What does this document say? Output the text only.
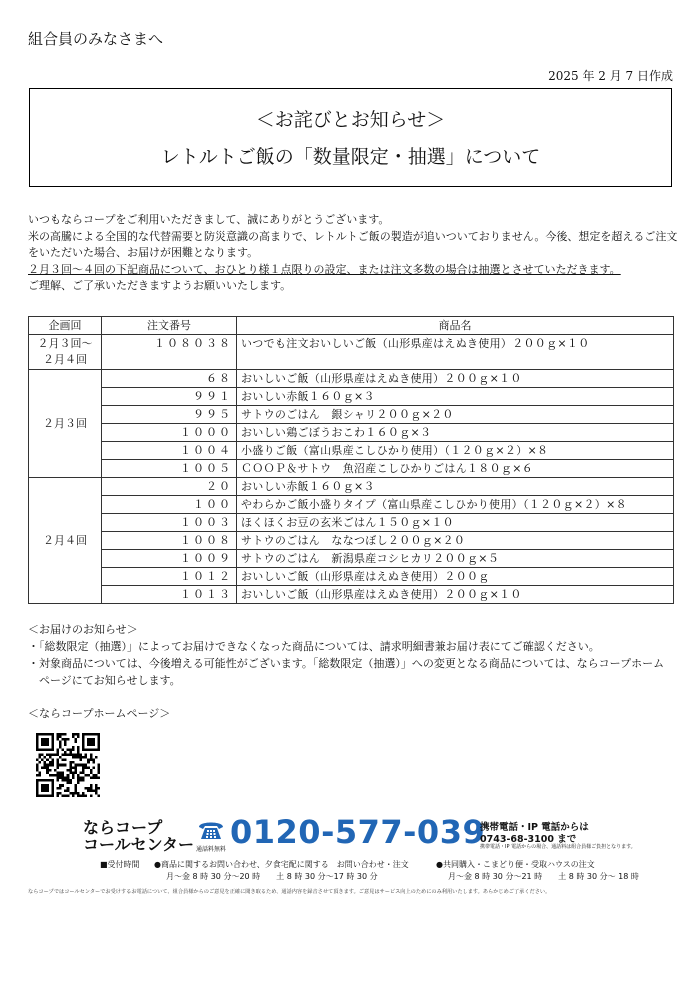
組合員のみなさまへ
2025 年 2 月 7 日作成
＜お詫びとお知らせ＞
レトルトご飯の「数量限定・抽選」について

いつもならコープをご利用いただきまして、誠にありがとうございます。

米の高騰による全国的な代替需要と防災意識の高まりで、レトルトご飯の製造が追いついておりません。今後、想定を超えるご注文

をいただいた場合、お届けが困難となります。

２月３回～４回の下記商品について、おひとり様１点限りの設定、または注文多数の場合は抽選とさせていただきます。

ご理解、ご了承いただきますようお願いいたします。

企画回	注文番号	商品名
２月３回～
２月４回	１０８０３８	いつでも注文おいしいご飯（山形県産はえぬき使用）２００ｇ×１０
２月３回	６８	おいしいご飯（山形県産はえぬき使用）２００ｇ×１０
	９９１	おいしい赤飯１６０ｇ×３
	９９５	サトウのごはん　銀シャリ２００ｇ×２０
	１０００	おいしい鶏ごぼうおこわ１６０ｇ×３
	１００４	小盛りご飯（富山県産こしひかり使用）（１２０ｇ×２）×８
	１００５	ＣＯＯＰ＆サトウ　魚沼産こしひかりごはん１８０ｇ×６
２月４回	２０	おいしい赤飯１６０ｇ×３
	１００	やわらかご飯小盛りタイプ（富山県産こしひかり使用）（１２０ｇ×２）×８
	１００３	ほくほくお豆の玄米ごはん１５０ｇ×１０
	１００８	サトウのごはん　ななつぼし２００ｇ×２０
	１００９	サトウのごはん　新潟県産コシヒカリ２００ｇ×５
	１０１２	おいしいご飯（山形県産はえぬき使用）２００ｇ
	１０１３	おいしいご飯（山形県産はえぬき使用）２００ｇ×１０

＜お届けのお知らせ＞

・「総数限定（抽選）」によってお届けできなくなった商品については、請求明細書兼お届け表にてご確認ください。

・対象商品については、今後増える可能性がございます。「総数限定（抽選）」への変更となる商品については、ならコープホーム

　ページにてお知らせします。

＜ならコープホームページ＞
ならコープ
コールセンター 通話料無料 0120-577-039
携帯電話・IP 電話からは
0743-68-3100 まで
携帯電話・IP 電話からの場合、通話料は組合員様ご負担となります。
■受付時間 ●商品に関するお問い合わせ、夕食宅配に関する　お問い合わせ・注文
月～金 8 時 30 分～20 時　　土 8 時 30 分～17 時 30 分
●共同購入・こまどり便・受取ハウスの注文
月～金 8 時 30 分～21 時　　土 8 時 30 分～ 18 時
ならコープではコールセンターでお受けするお電話について、組合員様からのご意見を正確に聞き取るため、通話内容を録音させて頂きます。ご意見はサービス向上のためにのみ利用いたします。あらかじめご了承ください。
